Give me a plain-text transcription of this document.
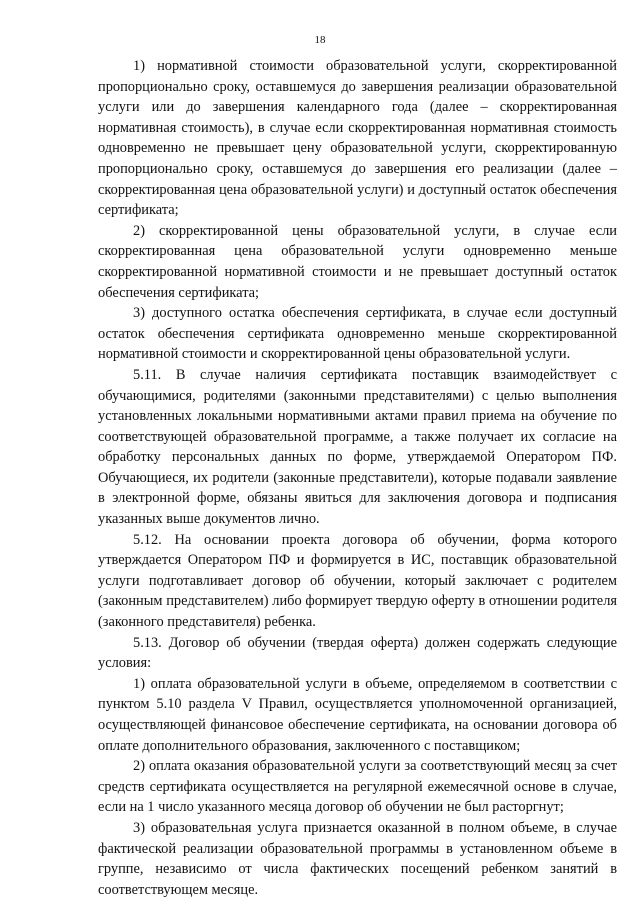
18

1) нормативной стоимости образовательной услуги, скорректированной пропорционально сроку, оставшемуся до завершения реализации образовательной услуги или до завершения календарного года (далее – скорректированная нормативная стоимость), в случае если скорректированная нормативная стоимость одновременно не превышает цену образовательной услуги, скорректированную пропорционально сроку, оставшемуся до завершения его реализации (далее – скорректированная цена образовательной услуги) и доступный остаток обеспечения сертификата;

2) скорректированной цены образовательной услуги, в случае если скорректированная цена образовательной услуги одновременно меньше скорректированной нормативной стоимости и не превышает доступный остаток обеспечения сертификата;

3) доступного остатка обеспечения сертификата, в случае если доступный остаток обеспечения сертификата одновременно меньше скорректированной нормативной стоимости и скорректированной цены образовательной услуги.

5.11. В случае наличия сертификата поставщик взаимодействует с обучающимися, родителями (законными представителями) с целью выполнения установленных локальными нормативными актами правил приема на обучение по соответствующей образовательной программе, а также получает их согласие на обработку персональных данных по форме, утверждаемой Оператором ПФ. Обучающиеся, их родители (законные представители), которые подавали заявление в электронной форме, обязаны явиться для заключения договора и подписания указанных выше документов лично.

5.12. На основании проекта договора об обучении, форма которого утверждается Оператором ПФ и формируется в ИС, поставщик образовательной услуги подготавливает договор об обучении, который заключает с родителем (законным представителем) либо формирует твердую оферту в отношении родителя (законного представителя) ребенка.

5.13. Договор об обучении (твердая оферта) должен содержать следующие условия:

1) оплата образовательной услуги в объеме, определяемом в соответствии с пунктом 5.10 раздела V Правил, осуществляется уполномоченной организацией, осуществляющей финансовое обеспечение сертификата, на основании договора об оплате дополнительного образования, заключенного с поставщиком;

2) оплата оказания образовательной услуги за соответствующий месяц за счет средств сертификата осуществляется на регулярной ежемесячной основе в случае, если на 1 число указанного месяца договор об обучении не был расторгнут;

3) образовательная услуга признается оказанной в полном объеме, в случае фактической реализации образовательной программы в установленном объеме в группе, независимо от числа фактических посещений ребенком занятий в соответствующем месяце.
